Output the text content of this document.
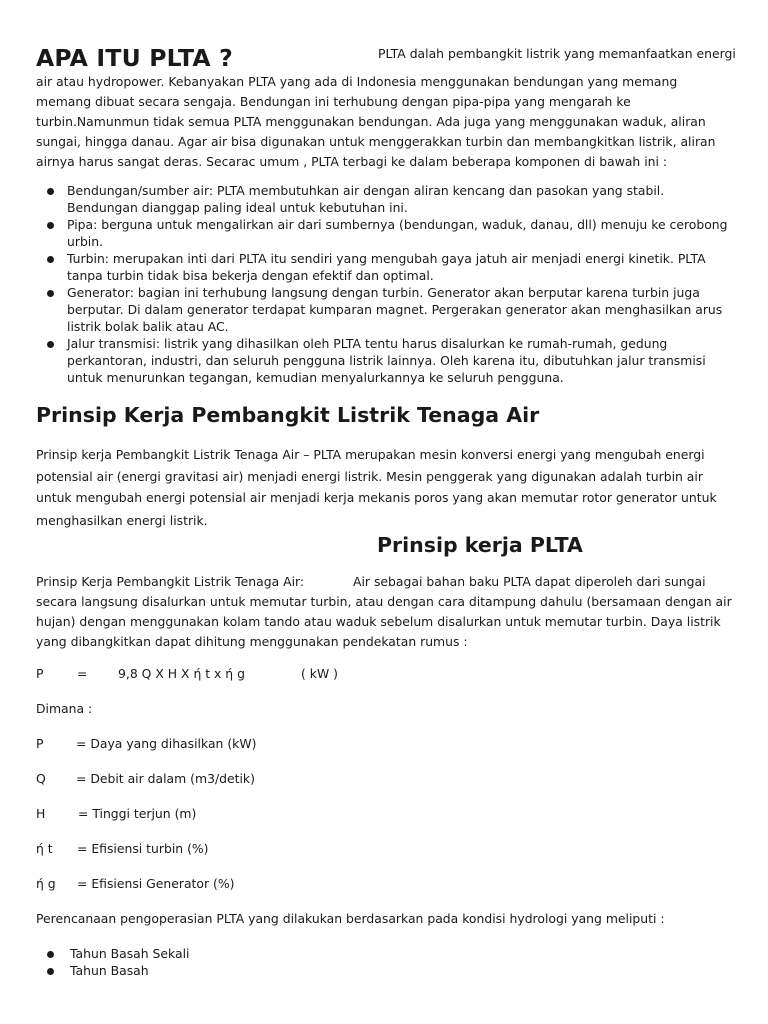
APA ITU PLTA ?	PLTA dalah pembangkit listrik yang memanfaatkan energi

air atau hydropower. Kebanyakan PLTA yang ada di Indonesia menggunakan bendungan yang memang memang dibuat secara sengaja. Bendungan ini terhubung dengan pipa-pipa yang mengarah ke turbin.Namunmun tidak semua PLTA menggunakan bendungan. Ada juga yang menggunakan waduk, aliran sungai, hingga danau. Agar air bisa digunakan untuk menggerakkan turbin dan membangkitkan listrik, aliran airnya harus sangat deras. Secarac umum , PLTA terbagi ke dalam beberapa komponen di bawah ini :

Bendungan/sumber air: PLTA membutuhkan air dengan aliran kencang dan pasokan yang stabil. Bendungan dianggap paling ideal untuk kebutuhan ini.
Pipa: berguna untuk mengalirkan air dari sumbernya (bendungan, waduk, danau, dll) menuju ke cerobong urbin.
Turbin: merupakan inti dari PLTA itu sendiri yang mengubah gaya jatuh air menjadi energi kinetik. PLTA tanpa turbin tidak bisa bekerja dengan efektif dan optimal.
Generator: bagian ini terhubung langsung dengan turbin. Generator akan berputar karena turbin juga berputar. Di dalam generator terdapat kumparan magnet. Pergerakan generator akan menghasilkan arus listrik bolak balik atau AC.
Jalur transmisi: listrik yang dihasilkan oleh PLTA tentu harus disalurkan ke rumah-rumah, gedung perkantoran, industri, dan seluruh pengguna listrik lainnya. Oleh karena itu, dibutuhkan jalur transmisi untuk menurunkan tegangan, kemudian menyalurkannya ke seluruh pengguna.
Prinsip Kerja Pembangkit Listrik Tenaga Air

Prinsip kerja Pembangkit Listrik Tenaga Air – PLTA merupakan mesin konversi energi yang mengubah energi potensial air (energi gravitasi air) menjadi energi listrik. Mesin penggerak yang digunakan adalah turbin air untuk mengubah energi potensial air menjadi kerja mekanis poros yang akan memutar rotor generator untuk

menghasilkan energi listrik.
Prinsip kerja PLTA
Prinsip Kerja Pembangkit Listrik Tenaga Air:	Air sebagai bahan baku PLTA dapat diperoleh dari sungai

secara langsung disalurkan untuk memutar turbin, atau dengan cara ditampung dahulu (bersamaan dengan air hujan) dengan menggunakan kolam tando atau waduk sebelum disalurkan untuk memutar turbin. Daya listrik yang dibangkitkan dapat dihitung menggunakan pendekatan rumus :

P	= 9,8 Q X H X ή t x ή g	( kW )
Dimana :
P	= Daya yang dihasilkan (kW)
Q = Debit air dalam (m3/detik)
H	= Tinggi terjun (m)
ή t = Efisiensi turbin (%)
ή g = Efisiensi Generator (%)
Perencanaan pengoperasian PLTA yang dilakukan berdasarkan pada kondisi hydrologi yang meliputi :
Tahun Basah Sekali
Tahun Basah
